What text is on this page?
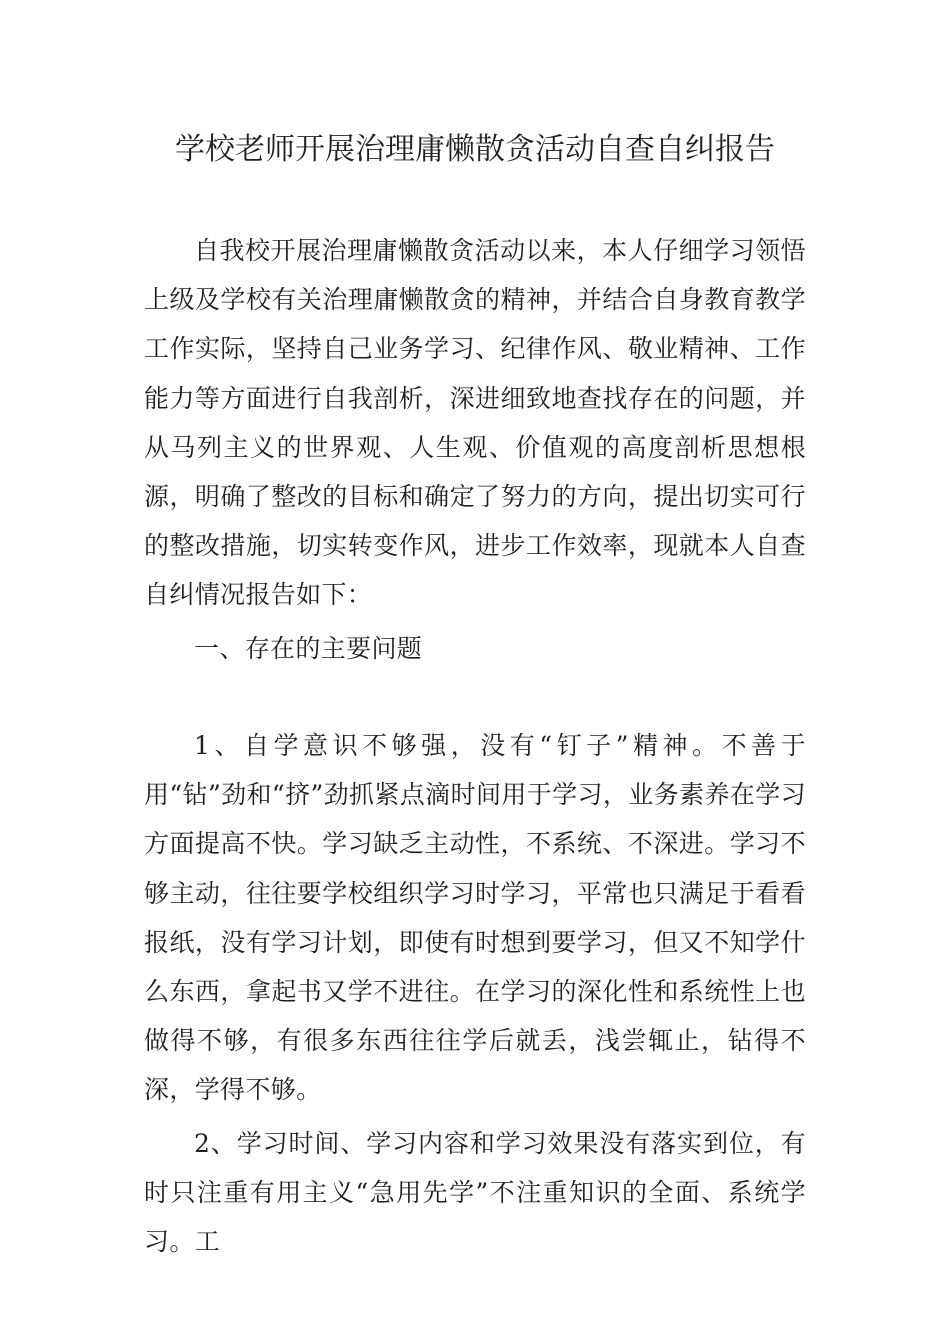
学校老师开展治理庸懒散贪活动自查自纠报告

自我校开展治理庸懒散贪活动以来，本人仔细学习领悟上级及学校有关治理庸懒散贪的精神，并结合自身教育教学工作实际，坚持自己业务学习、纪律作风、敬业精神、工作能力等方面进行自我剖析，深进细致地查找存在的问题，并从马列主义的世界观、人生观、价值观的高度剖析思想根源，明确了整改的目标和确定了努力的方向，提出切实可行的整改措施，切实转变作风，进步工作效率，现就本人自查自纠情况报告如下：

一、存在的主要问题

1、自学意识不够强，没有“钉子”精神。不善于用“钻”劲和“挤”劲抓紧点滴时间用于学习，业务素养在学习方面提高不快。学习缺乏主动性，不系统、不深进。学习不够主动，往往要学校组织学习时学习，平常也只满足于看看报纸，没有学习计划，即使有时想到要学习，但又不知学什么东西，拿起书又学不进往。在学习的深化性和系统性上也做得不够，有很多东西往往学后就丢，浅尝辄止，钻得不深，学得不够。

2、学习时间、学习内容和学习效果没有落实到位，有时只注重有用主义“急用先学”不注重知识的全面、系统学习。工
